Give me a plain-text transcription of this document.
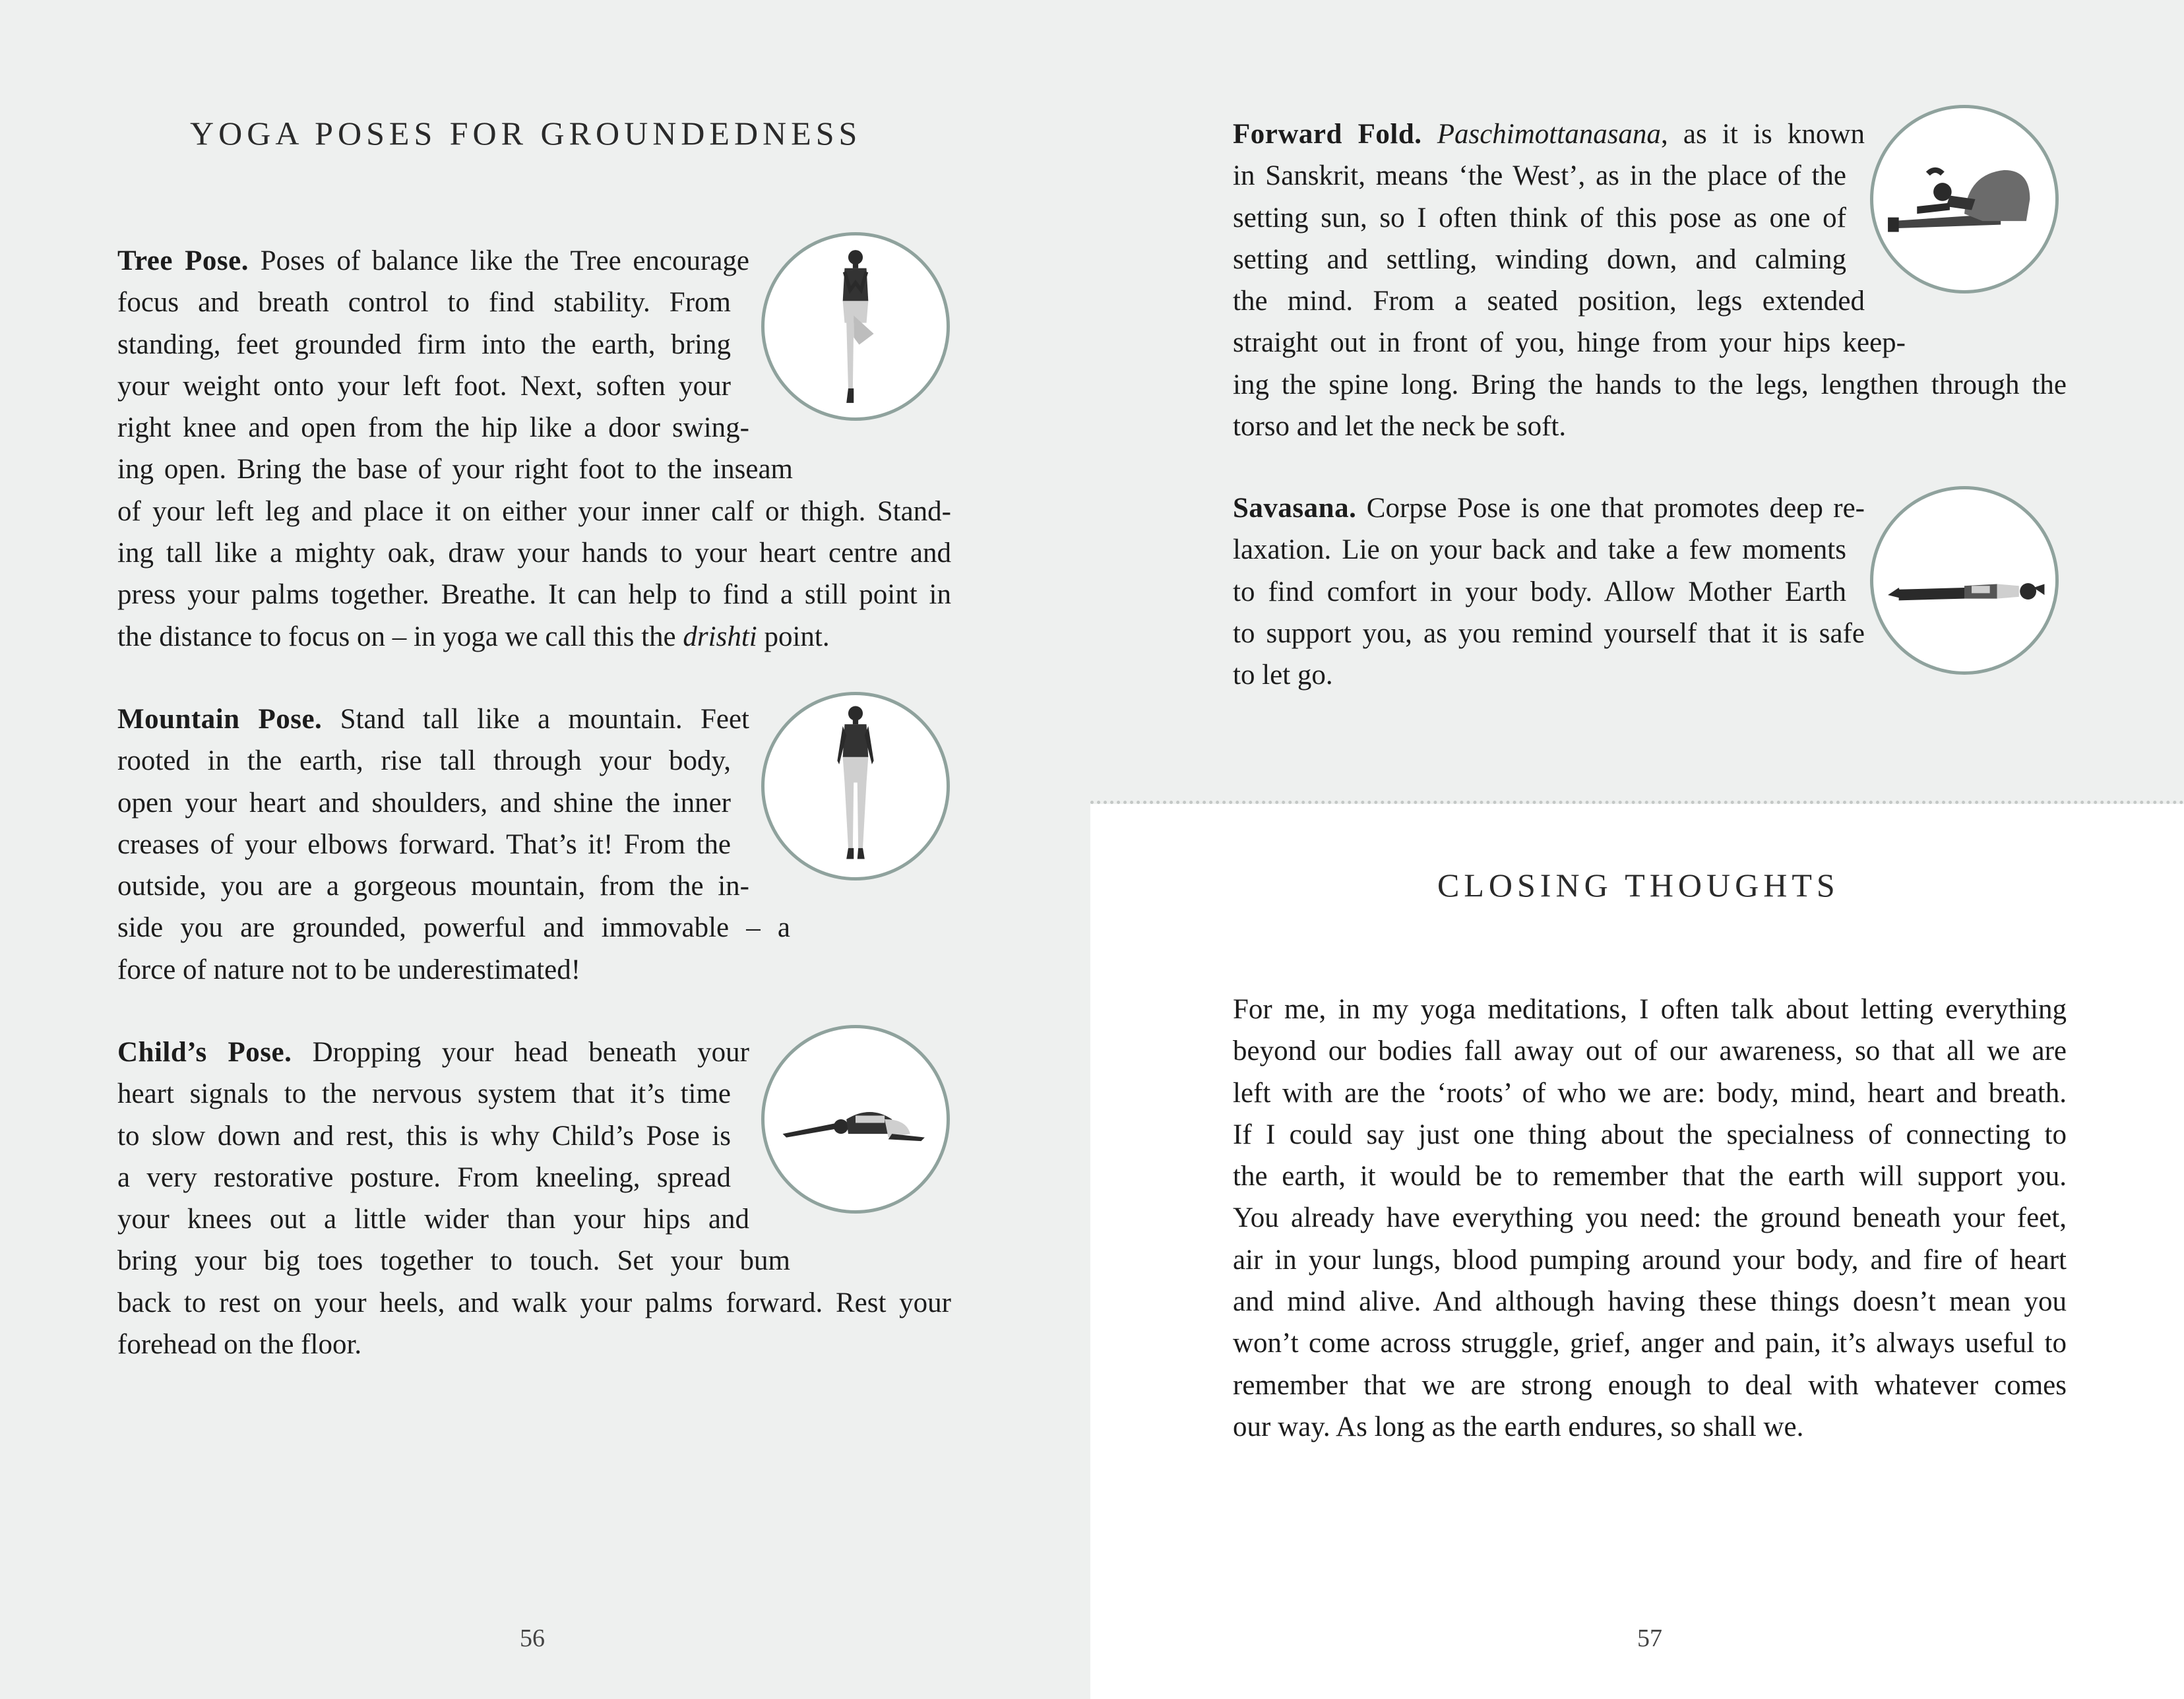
YOGA POSES FOR GROUNDEDNESS
Tree Pose. Poses of balance like the Tree encourage
focus and breath control to find stability. From
standing, feet grounded firm into the earth, bring
your weight onto your left foot. Next, soften your
right knee and open from the hip like a door swing-
ing open. Bring the base of your right foot to the inseam
of your left leg and place it on either your inner calf or thigh. Stand-
ing tall like a mighty oak, draw your hands to your heart centre and
press your palms together. Breathe. It can help to find a still point in
the distance to focus on – in yoga we call this the drishti point.
Mountain Pose. Stand tall like a mountain. Feet
rooted in the earth, rise tall through your body,
open your heart and shoulders, and shine the inner
creases of your elbows forward. That’s it! From the
outside, you are a gorgeous mountain, from the in-
side you are grounded, powerful and immovable – a
force of nature not to be underestimated!
Child’s Pose. Dropping your head beneath your
heart signals to the nervous system that it’s time
to slow down and rest, this is why Child’s Pose is
a very restorative posture. From kneeling, spread
your knees out a little wider than your hips and
bring your big toes together to touch. Set your bum
back to rest on your heels, and walk your palms forward. Rest your
forehead on the floor.
56
Forward Fold. Paschimottanasana, as it is known
in Sanskrit, means ‘the West’, as in the place of the
setting sun, so I often think of this pose as one of
setting and settling, winding down, and calming
the mind. From a seated position, legs extended
straight out in front of you, hinge from your hips keep-
ing the spine long. Bring the hands to the legs, lengthen through the
torso and let the neck be soft.
Savasana. Corpse Pose is one that promotes deep re-
laxation. Lie on your back and take a few moments
to find comfort in your body. Allow Mother Earth
to support you, as you remind yourself that it is safe
to let go.
CLOSING THOUGHTS
For me, in my yoga meditations, I often talk about letting everything
beyond our bodies fall away out of our awareness, so that all we are
left with are the ‘roots’ of who we are: body, mind, heart and breath.
If I could say just one thing about the specialness of connecting to
the earth, it would be to remember that the earth will support you.
You already have everything you need: the ground beneath your feet,
air in your lungs, blood pumping around your body, and fire of heart
and mind alive. And although having these things doesn’t mean you
won’t come across struggle, grief, anger and pain, it’s always useful to
remember that we are strong enough to deal with whatever comes
our way. As long as the earth endures, so shall we.
57
